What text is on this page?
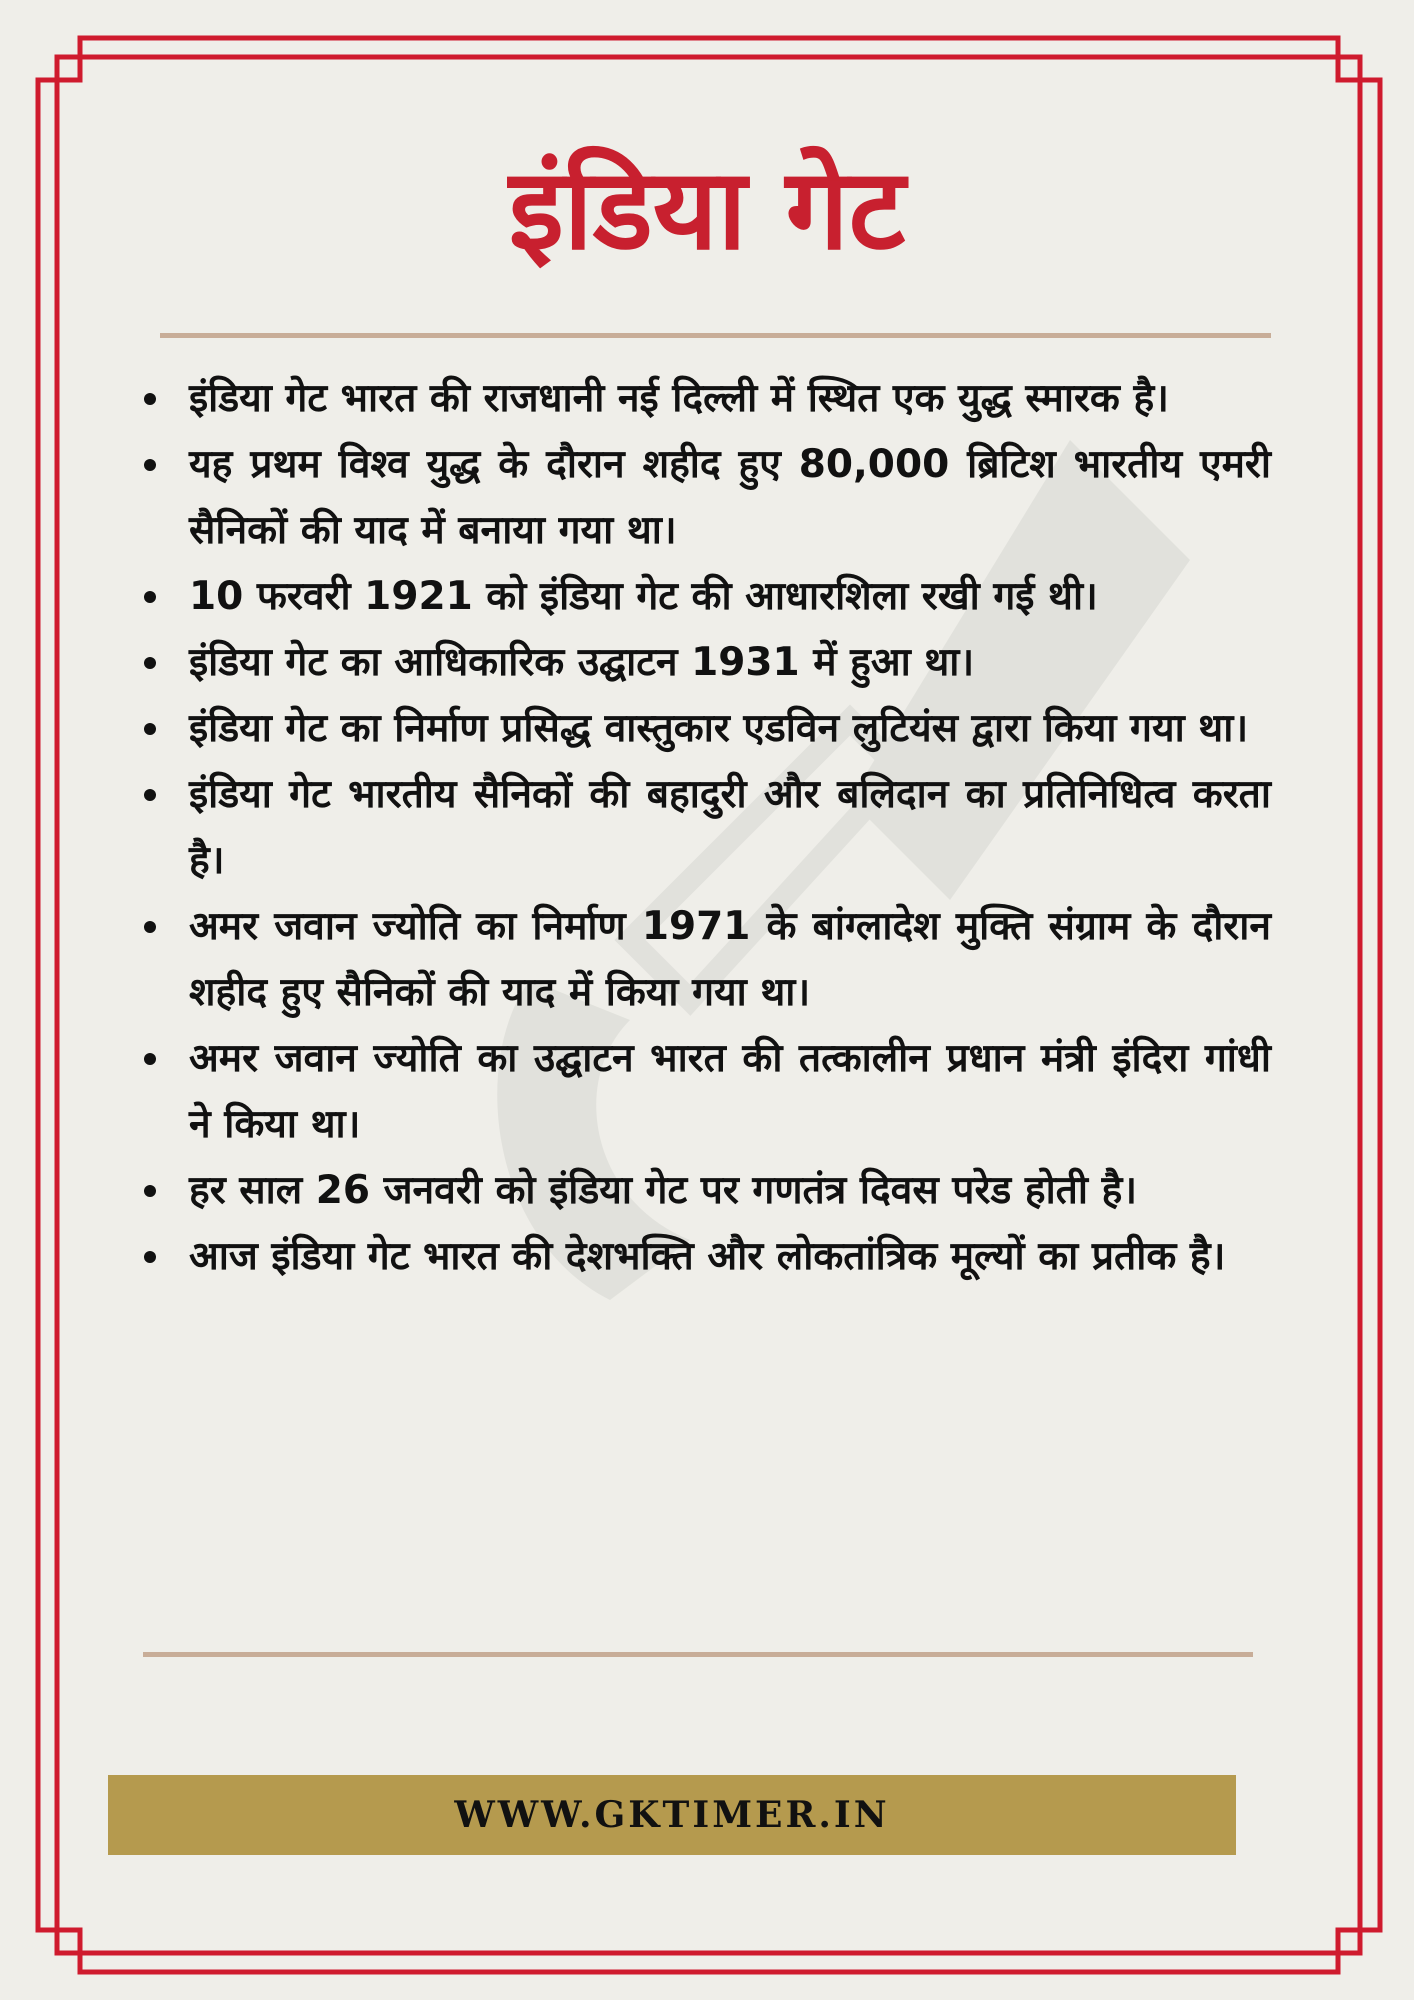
इंडिया गेट
इंडिया गेट भारत की राजधानी नई दिल्ली में स्थित एक युद्ध स्मारक है।
यह प्रथम विश्व युद्ध के दौरान शहीद हुए 80,000 ब्रिटिश भारतीय एमरी सैनिकों की याद में बनाया गया था।
10 फरवरी 1921 को इंडिया गेट की आधारशिला रखी गई थी।
इंडिया गेट का आधिकारिक उद्घाटन 1931 में हुआ था।
इंडिया गेट का निर्माण प्रसिद्ध वास्तुकार एडविन लुटियंस द्वारा किया गया था।
इंडिया गेट भारतीय सैनिकों की बहादुरी और बलिदान का प्रतिनिधित्व करता है।
अमर जवान ज्योति का निर्माण 1971 के बांग्लादेश मुक्ति संग्राम के दौरान शहीद हुए सैनिकों की याद में किया गया था।
अमर जवान ज्योति का उद्घाटन भारत की तत्कालीन प्रधान मंत्री इंदिरा गांधी ने किया था।
हर साल 26 जनवरी को इंडिया गेट पर गणतंत्र दिवस परेड होती है।
आज इंडिया गेट भारत की देशभक्ति और लोकतांत्रिक मूल्यों का प्रतीक है।
WWW.GKTIMER.IN
